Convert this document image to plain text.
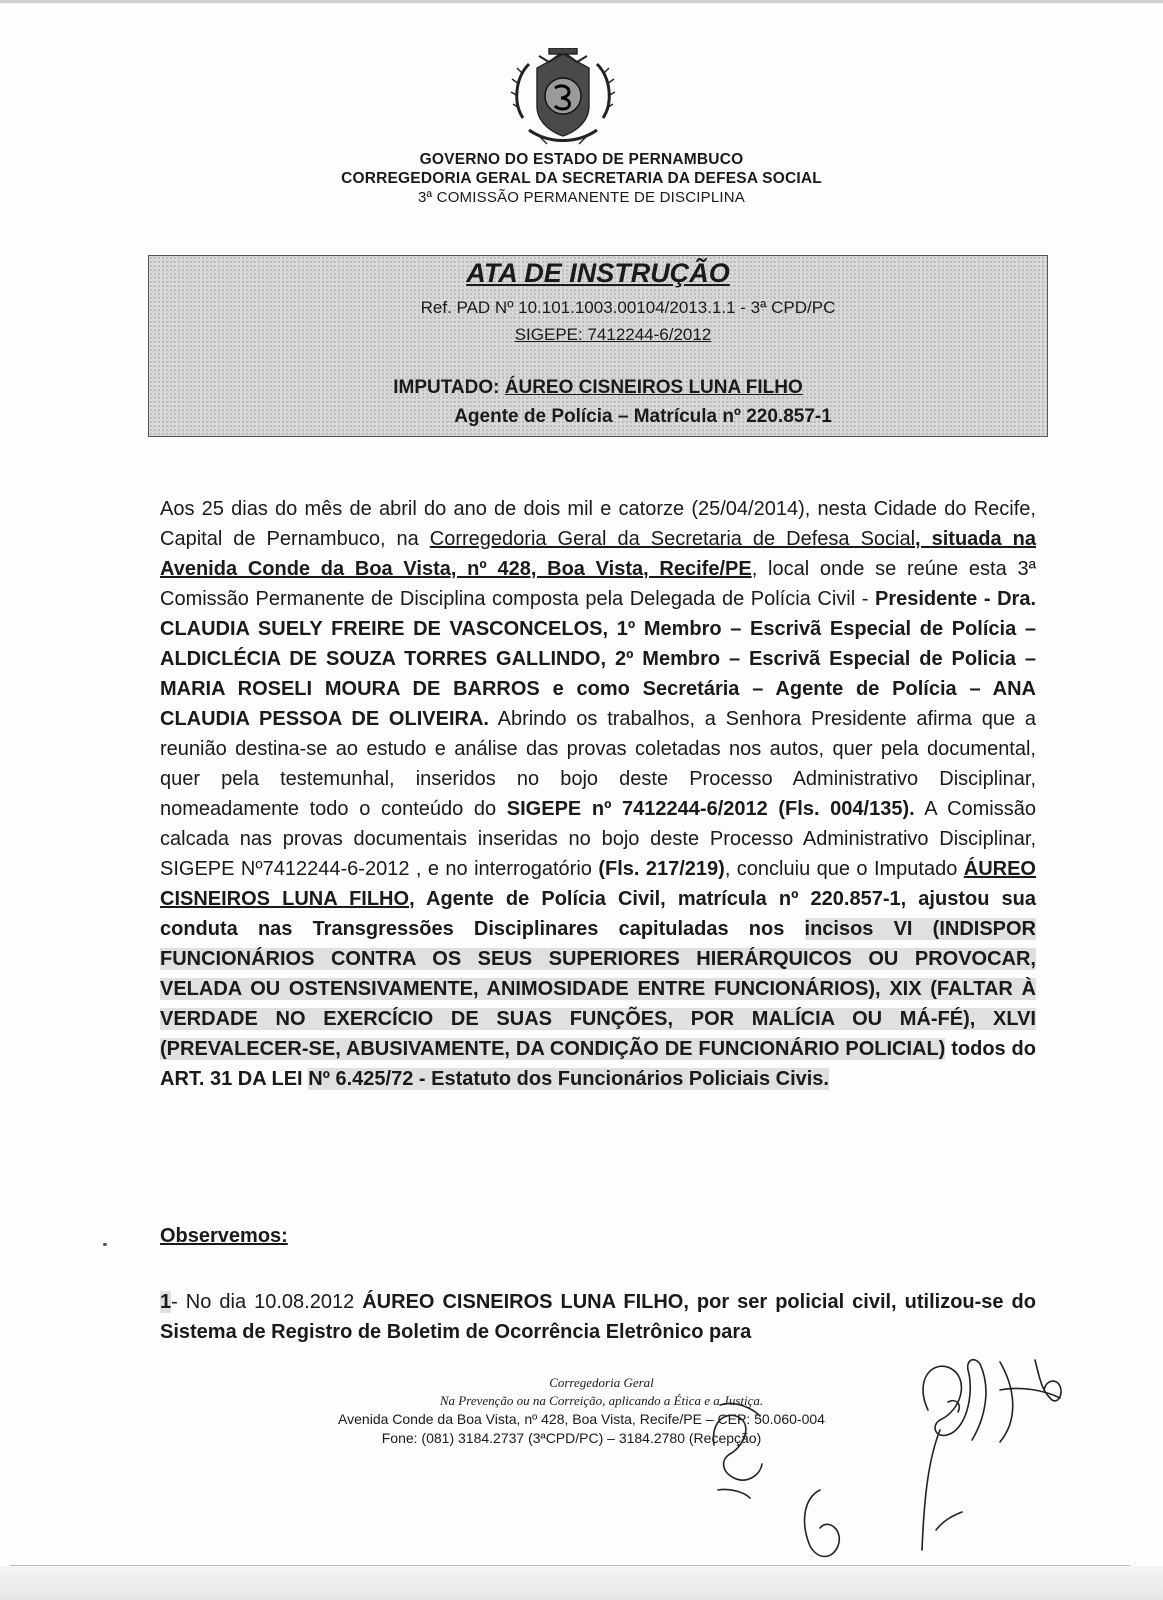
GOVERNO DO ESTADO DE PERNAMBUCO
CORREGEDORIA GERAL DA SECRETARIA DA DEFESA SOCIAL
3ª COMISSÃO PERMANENTE DE DISCIPLINA
ATA DE INSTRUÇÃO
Ref. PAD Nº 10.101.1003.00104/2013.1.1 - 3ª CPD/PC
SIGEPE: 7412244-6/2012
IMPUTADO: ÁUREO CISNEIROS LUNA FILHO
Agente de Polícia – Matrícula nº 220.857-1

Aos 25 dias do mês de abril do ano de dois mil e catorze (25/04/2014), nesta Cidade do Recife, Capital de Pernambuco, na Corregedoria Geral da Secretaria de Defesa Social, situada na Avenida Conde da Boa Vista, nº 428, Boa Vista, Recife/PE, local onde se reúne esta 3ª Comissão Permanente de Disciplina composta pela Delegada de Polícia Civil - Presidente - Dra. CLAUDIA SUELY FREIRE DE VASCONCELOS, 1º Membro – Escrivã Especial de Polícia – ALDICLÉCIA DE SOUZA TORRES GALLINDO, 2º Membro – Escrivã Especial de Policia – MARIA ROSELI MOURA DE BARROS e como Secretária – Agente de Polícia – ANA CLAUDIA PESSOA DE OLIVEIRA. Abrindo os trabalhos, a Senhora Presidente afirma que a reunião destina-se ao estudo e análise das provas coletadas nos autos, quer pela documental, quer pela testemunhal, inseridos no bojo deste Processo Administrativo Disciplinar, nomeadamente todo o conteúdo do SIGEPE nº 7412244-6/2012 (Fls. 004/135). A Comissão calcada nas provas documentais inseridas no bojo deste Processo Administrativo Disciplinar, SIGEPE Nº7412244-6-2012 , e no interrogatório (Fls. 217/219), concluiu que o Imputado ÁUREO CISNEIROS LUNA FILHO, Agente de Polícia Civil, matrícula nº 220.857-1, ajustou sua conduta nas Transgressões Disciplinares capituladas nos incisos VI (INDISPOR FUNCIONÁRIOS CONTRA OS SEUS SUPERIORES HIERÁRQUICOS OU PROVOCAR, VELADA OU OSTENSIVAMENTE, ANIMOSIDADE ENTRE FUNCIONÁRIOS), XIX (FALTAR À VERDADE NO EXERCÍCIO DE SUAS FUNÇÕES, POR MALÍCIA OU MÁ-FÉ), XLVI (PREVALECER-SE, ABUSIVAMENTE, DA CONDIÇÃO DE FUNCIONÁRIO POLICIAL) todos do ART. 31 DA LEI Nº 6.425/72 - Estatuto dos Funcionários Policiais Civis.

Observemos:

1- No dia 10.08.2012 ÁUREO CISNEIROS LUNA FILHO, por ser policial civil, utilizou-se do Sistema de Registro de Boletim de Ocorrência Eletrônico para

Corregedoria Geral
Na Prevenção ou na Correição, aplicando a Ética e a Justiça.
Avenida Conde da Boa Vista, nº 428, Boa Vista, Recife/PE – CEP: 50.060-004
Fone: (081) 3184.2737 (3ªCPD/PC) – 3184.2780 (Recepção)
